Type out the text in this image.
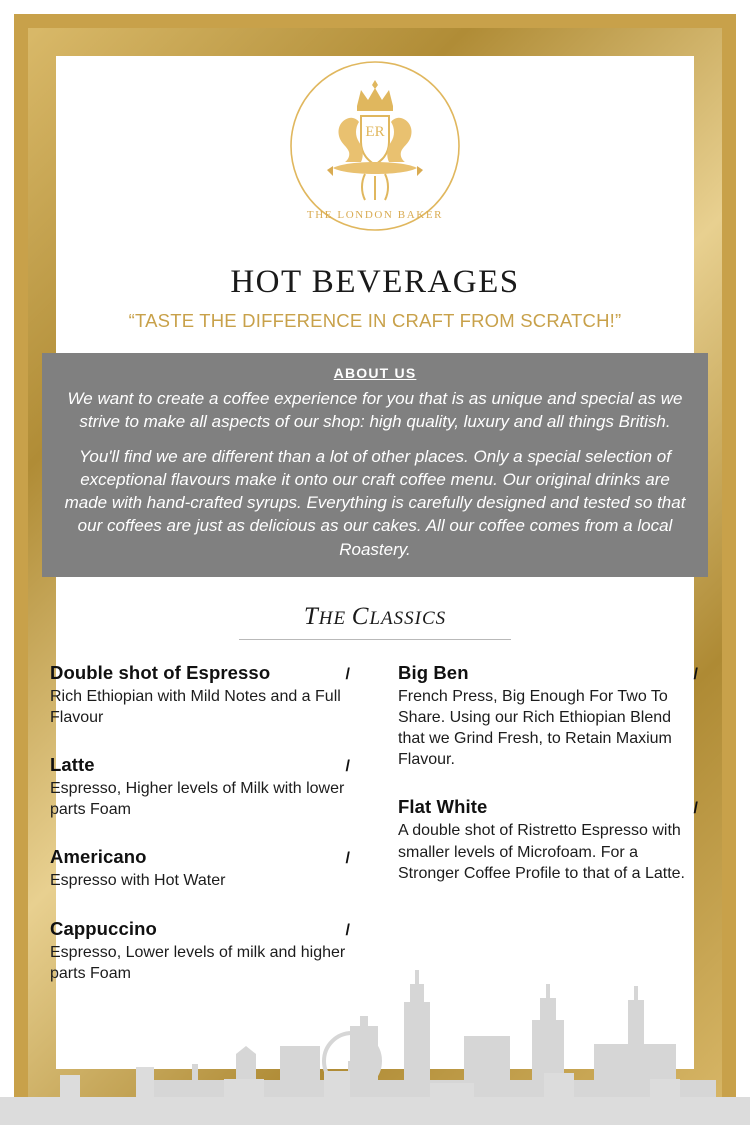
ER
THE LONDON BAKER
HOT BEVERAGES
“TASTE THE DIFFERENCE IN CRAFT FROM SCRATCH!”
ABOUT US

We want to create a coffee experience for you that is as unique and special as we strive to make all aspects of our shop: high quality, luxury and all things British.

You'll find we are different than a lot of other places. Only a special selection of exceptional flavours make it onto our craft coffee menu. Our original drinks are made with hand-crafted syrups. Everything is carefully designed and tested so that our coffees are just as delicious as our cakes. All our coffee comes from a local Roastery.

THE CLASSICS
Double shot of Espresso	/
Rich Ethiopian with Mild Notes and a Full Flavour
Latte	/
Espresso, Higher levels of Milk with lower parts Foam
Americano	/
Espresso with Hot Water
Cappuccino	/
Espresso, Lower levels of milk and higher parts Foam
Big Ben	/
French Press, Big Enough For Two To Share. Using our Rich Ethiopian Blend that we Grind Fresh, to Retain Maxium Flavour.
Flat White	/
A double shot of Ristretto Espresso with smaller levels of Microfoam. For a Stronger Coffee Profile to that of a Latte.
